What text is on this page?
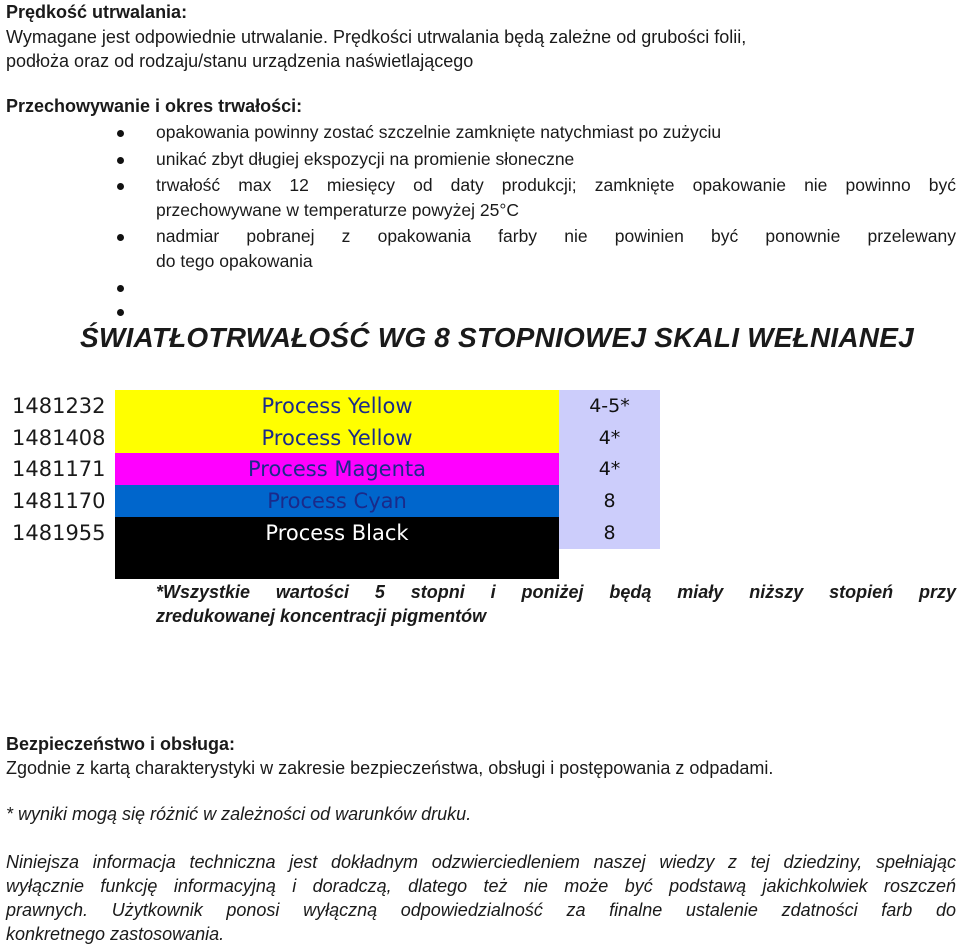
Prędkość utrwalania:
Wymagane jest odpowiednie utrwalanie. Prędkości utrwalania będą zależne od grubości folii,
podłoża oraz od rodzaju/stanu urządzenia naświetlającego
Przechowywanie i okres trwałości:
opakowania powinny zostać szczelnie zamknięte natychmiast po zużyciu
unikać zbyt długiej ekspozycji na promienie słoneczne
trwałość max 12 miesięcy od daty produkcji; zamknięte opakowanie nie powinno być
przechowywane w temperaturze powyżej 25°C
nadmiar pobranej z opakowania farby nie powinien być ponownie przelewany
do tego opakowania
ŚWIATŁOTRWAŁOŚĆ WG 8 STOPNIOWEJ SKALI WEŁNIANEJ
1481232	Process Yellow	4-5*
1481408	Process Yellow	4*
1481171	Process Magenta	4*
1481170	Process Cyan	8
1481955	Process Black	8
*Wszystkie wartości 5 stopni i poniżej będą miały niższy stopień przy
zredukowanej koncentracji pigmentów
Bezpieczeństwo i obsługa:
Zgodnie z kartą charakterystyki w zakresie bezpieczeństwa, obsługi i postępowania z odpadami.
* wyniki mogą się różnić w zależności od warunków druku.
Niniejsza informacja techniczna jest dokładnym odzwierciedleniem naszej wiedzy z tej dziedziny, spełniając
wyłącznie funkcję informacyjną i doradczą, dlatego też nie może być podstawą jakichkolwiek roszczeń
prawnych. Użytkownik ponosi wyłączną odpowiedzialność za finalne ustalenie zdatności farb do
konkretnego zastosowania.
